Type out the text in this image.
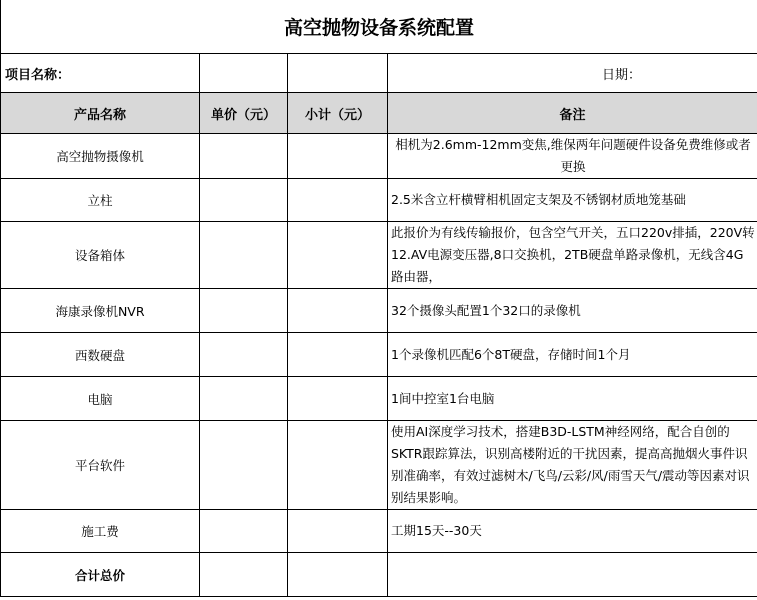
高空抛物设备系统配置			
项目名称：			日期：
产品名称	单价（元）	小计（元）	备注
高空抛物摄像机			相机为2.6mm-12mm变焦,维保两年问题硬件设备免费维修或者更换
立柱			2.5米含立杆横臂相机固定支架及不锈钢材质地笼基础
设备箱体			此报价为有线传输报价，包含空气开关，五口220v排插，220V转12.AV电源变压器,8口交换机，2TB硬盘单路录像机，无线含4G路由器，
海康录像机NVR			32个摄像头配置1个32口的录像机
西数硬盘			1个录像机匹配6个8T硬盘，存储时间1个月
电脑			1间中控室1台电脑
平台软件			使用AI深度学习技术，搭建B3D-LSTM神经网络，配合自创的SKTR跟踪算法，识别高楼附近的干扰因素，提高高抛烟火事件识别准确率，有效过滤树木/飞鸟/云彩/风/雨雪天气/震动等因素对识别结果影响。
施工费			工期15天--30天
合计总价			
